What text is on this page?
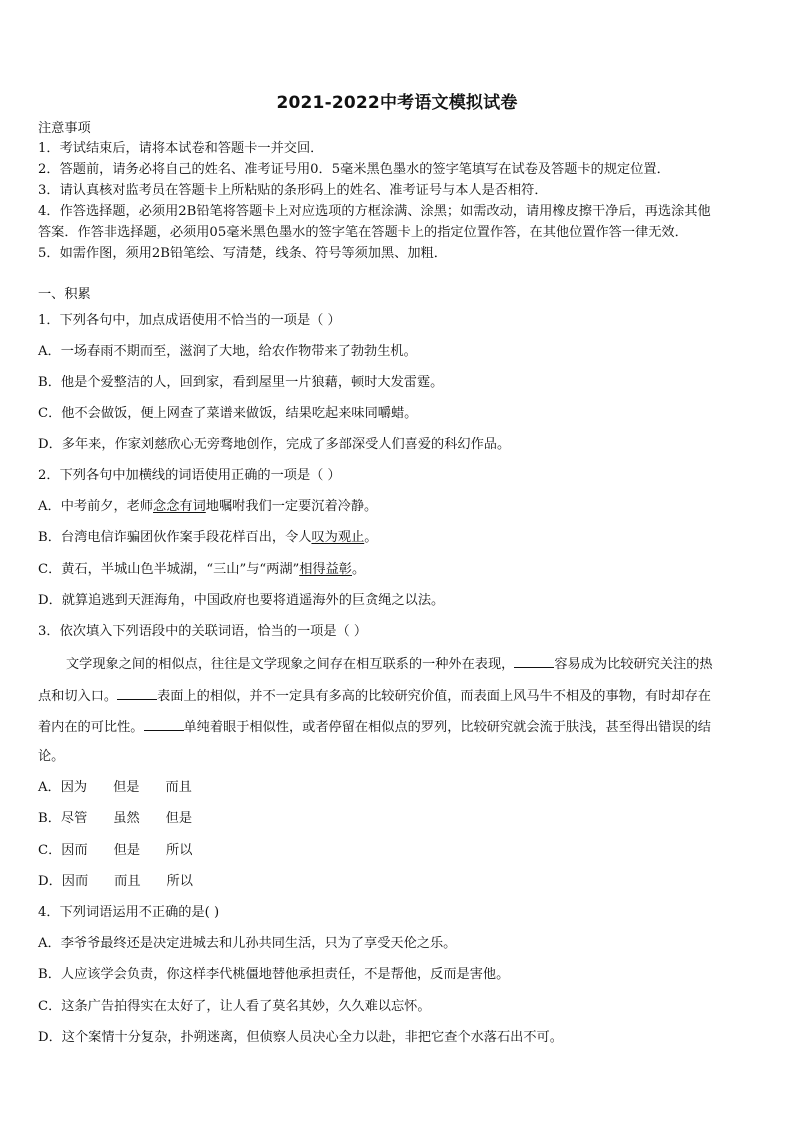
2021-2022中考语文模拟试卷
注意事项
1．考试结束后，请将本试卷和答题卡一并交回．
2．答题前，请务必将自己的姓名、准考证号用0．5毫米黑色墨水的签字笔填写在试卷及答题卡的规定位置．
3．请认真核对监考员在答题卡上所粘贴的条形码上的姓名、准考证号与本人是否相符．
4．作答选择题，必须用2B铅笔将答题卡上对应选项的方框涂满、涂黑；如需改动，请用橡皮擦干净后，再选涂其他
答案．作答非选择题，必须用05毫米黑色墨水的签字笔在答题卡上的指定位置作答，在其他位置作答一律无效．
5．如需作图，须用2B铅笔绘、写清楚，线条、符号等须加黑、加粗．
一、积累
1．下列各句中，加点成语使用不恰当的一项是（ ）
A．一场春雨不期而至，滋润了大地，给农作物带来了勃勃生机。
B．他是个爱整洁的人，回到家，看到屋里一片狼藉，顿时大发雷霆。
C．他不会做饭，便上网查了菜谱来做饭，结果吃起来味同嚼蜡。
D．多年来，作家刘慈欣心无旁骛地创作，完成了多部深受人们喜爱的科幻作品。
2．下列各句中加横线的词语使用正确的一项是（ ）
A．中考前夕，老师念念有词地嘱咐我们一定要沉着冷静。
B．台湾电信诈骗团伙作案手段花样百出，令人叹为观止。
C．黄石，半城山色半城湖，“三山”与“两湖”相得益彰。
D．就算追逃到天涯海角，中国政府也要将逍遥海外的巨贪绳之以法。
3．依次填入下列语段中的关联词语，恰当的一项是（ ）
文学现象之间的相似点，往往是文学现象之间存在相互联系的一种外在表现，	容易成为比较研究关注的热
点和切入口。	表面上的相似，并不一定具有多高的比较研究价值，而表面上风马牛不相及的事物，有时却存在
着内在的可比性。	单纯着眼于相似性，或者停留在相似点的罗列，比较研究就会流于肤浅，甚至得出错误的结
论。
A．因为 但是 而且
B．尽管 虽然 但是
C．因而 但是 所以
D．因而 而且 所以
4．下列词语运用不正确的是( )
A．李爷爷最终还是决定进城去和儿孙共同生活，只为了享受天伦之乐。
B．人应该学会负责，你这样李代桃僵地替他承担责任，不是帮他，反而是害他。
C．这条广告拍得实在太好了，让人看了莫名其妙，久久难以忘怀。
D．这个案情十分复杂，扑朔迷离，但侦察人员决心全力以赴，非把它查个水落石出不可。
